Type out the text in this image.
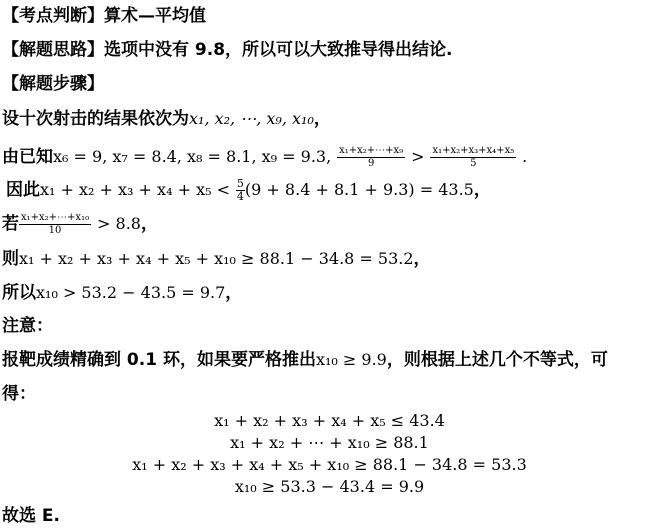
【考点判断】算术—平均值
【解题思路】选项中没有 9.8，所以可以大致推导得出结论.
【解题步骤】
设十次射击的结果依次为x₁, x₂, ⋯, x₉, x₁₀，
由已知x₆ = 9, x₇ = 8.4, x₈ = 8.1, x₉ = 9.3, $\frac{\text{x₁+x₂+⋯+x₉}}{9} > \frac{\text{x₁+x₂+x₃+x₄+x₅}}{5}$ .
因此$x_1 + x_2 + x_3 + x_4 + x_5 < \frac{5}{4} (9 + 8.4 + 8.1 + 9.3) = 43.5$，
若 $\frac{\text{x₁+x₂+⋯+x₁₀}}{10} > 8.8$，
则x₁ + x₂ + x₃ + x₄ + x₅ + x₁₀ ≥ 88.1 − 34.8 = 53.2，
所以x₁₀ > 53.2 − 43.5 = 9.7，
注意：
报靶成绩精确到 0.1 环，如果要严格推出x₁₀ ≥ 9.9，则根据上述几个不等式，可
得：
x₁ + x₂ + x₃ + x₄ + x₅ ≤ 43.4
x₁ + x₂ + ⋯ + x₁₀ ≥ 88.1
x₁ + x₂ + x₃ + x₄ + x₅ + x₁₀ ≥ 88.1 − 34.8 = 53.3
x₁₀ ≥ 53.3 − 43.4 = 9.9
故选 E.
